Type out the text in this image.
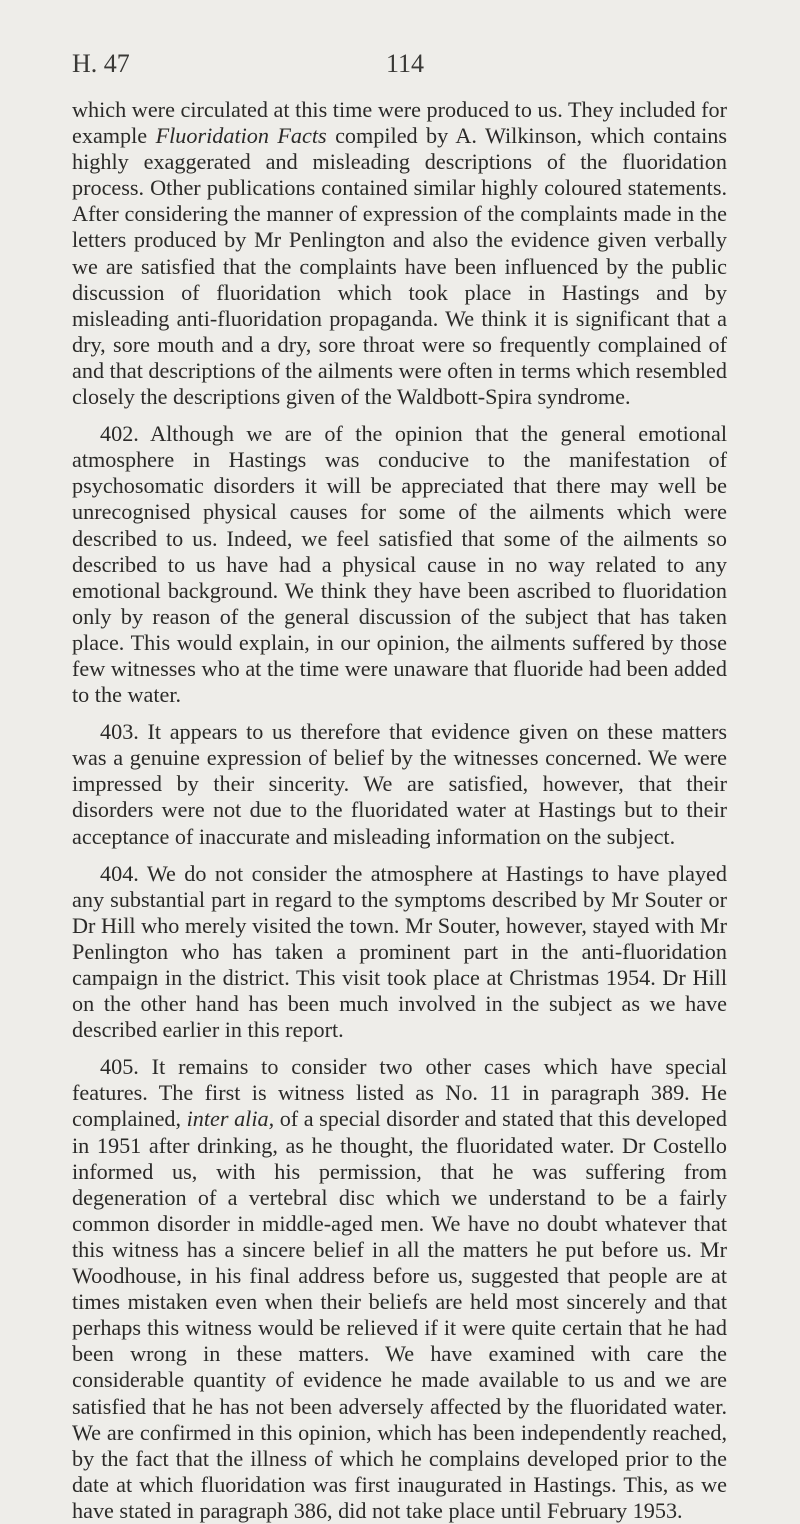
H. 47	114

which were circulated at this time were produced to us. They included for example Fluoridation Facts compiled by A. Wilkinson, which contains highly exaggerated and misleading descriptions of the fluoridation process. Other publications contained similar highly coloured statements. After considering the manner of expression of the complaints made in the letters produced by Mr Penlington and also the evidence given verbally we are satisfied that the complaints have been influenced by the public discussion of fluoridation which took place in Hastings and by misleading anti-fluoridation propaganda. We think it is significant that a dry, sore mouth and a dry, sore throat were so frequently complained of and that descriptions of the ailments were often in terms which resembled closely the descriptions given of the Waldbott-Spira syndrome.

402. Although we are of the opinion that the general emotional atmosphere in Hastings was conducive to the manifestation of psychosomatic disorders it will be appreciated that there may well be unrecognised physical causes for some of the ailments which were described to us. Indeed, we feel satisfied that some of the ailments so described to us have had a physical cause in no way related to any emotional background. We think they have been ascribed to fluoridation only by reason of the general discussion of the subject that has taken place. This would explain, in our opinion, the ailments suffered by those few witnesses who at the time were unaware that fluoride had been added to the water.

403. It appears to us therefore that evidence given on these matters was a genuine expression of belief by the witnesses concerned. We were impressed by their sincerity. We are satisfied, however, that their disorders were not due to the fluoridated water at Hastings but to their acceptance of inaccurate and misleading information on the subject.

404. We do not consider the atmosphere at Hastings to have played any substantial part in regard to the symptoms described by Mr Souter or Dr Hill who merely visited the town. Mr Souter, however, stayed with Mr Penlington who has taken a prominent part in the anti-fluoridation campaign in the district. This visit took place at Christmas 1954. Dr Hill on the other hand has been much involved in the subject as we have described earlier in this report.

405. It remains to consider two other cases which have special features. The first is witness listed as No. 11 in paragraph 389. He complained, inter alia, of a special disorder and stated that this developed in 1951 after drinking, as he thought, the fluoridated water. Dr Costello informed us, with his permission, that he was suffering from degeneration of a vertebral disc which we understand to be a fairly common disorder in middle-aged men. We have no doubt whatever that this witness has a sincere belief in all the matters he put before us. Mr Woodhouse, in his final address before us, suggested that people are at times mistaken even when their beliefs are held most sincerely and that perhaps this witness would be relieved if it were quite certain that he had been wrong in these matters. We have examined with care the considerable quantity of evidence he made available to us and we are satisfied that he has not been adversely affected by the fluoridated water. We are confirmed in this opinion, which has been independently reached, by the fact that the illness of which he complains developed prior to the date at which fluoridation was first inaugurated in Hastings. This, as we have stated in paragraph 386, did not take place until February 1953.
